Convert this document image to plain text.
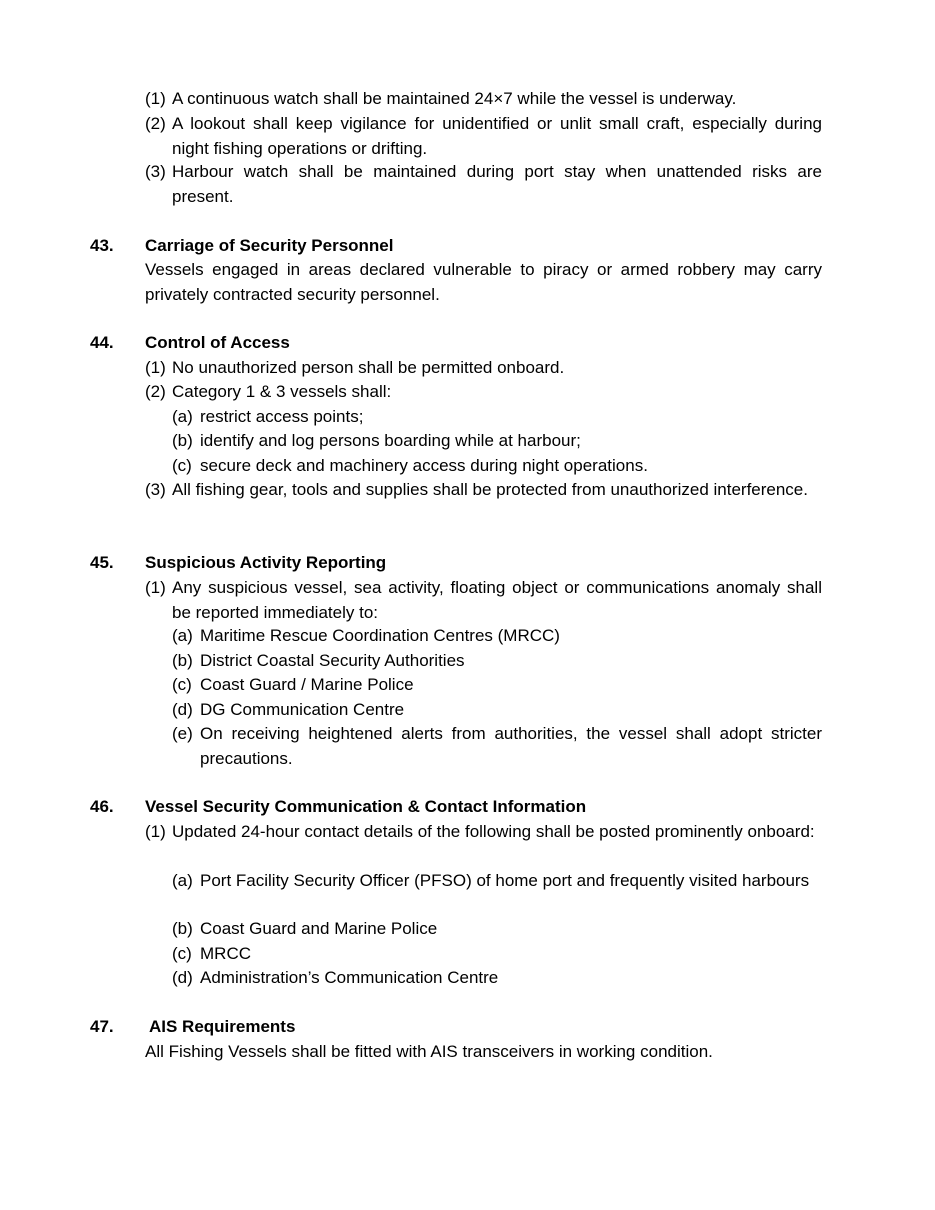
(1) A continuous watch shall be maintained 24×7 while the vessel is underway.
(2) A lookout shall keep vigilance for unidentified or unlit small craft, especially during night fishing operations or drifting.
(3) Harbour watch shall be maintained during port stay when unattended risks are present.
43. Carriage of Security Personnel
Vessels engaged in areas declared vulnerable to piracy or armed robbery may carry privately contracted security personnel.
44. Control of Access
(1) No unauthorized person shall be permitted onboard.
(2) Category 1 & 3 vessels shall:
(a) restrict access points;
(b) identify and log persons boarding while at harbour;
(c) secure deck and machinery access during night operations.
(3) All fishing gear, tools and supplies shall be protected from unauthorized interference.
45. Suspicious Activity Reporting
(1) Any suspicious vessel, sea activity, floating object or communications anomaly shall be reported immediately to:
(a) Maritime Rescue Coordination Centres (MRCC)
(b) District Coastal Security Authorities
(c) Coast Guard / Marine Police
(d) DG Communication Centre
(e) On receiving heightened alerts from authorities, the vessel shall adopt stricter precautions.
46. Vessel Security Communication & Contact Information
(1) Updated 24-hour contact details of the following shall be posted prominently onboard:
(a) Port Facility Security Officer (PFSO) of home port and frequently visited harbours
(b) Coast Guard and Marine Police
(c) MRCC
(d) Administration’s Communication Centre
47. AIS Requirements
All Fishing Vessels shall be fitted with AIS transceivers in working condition.
